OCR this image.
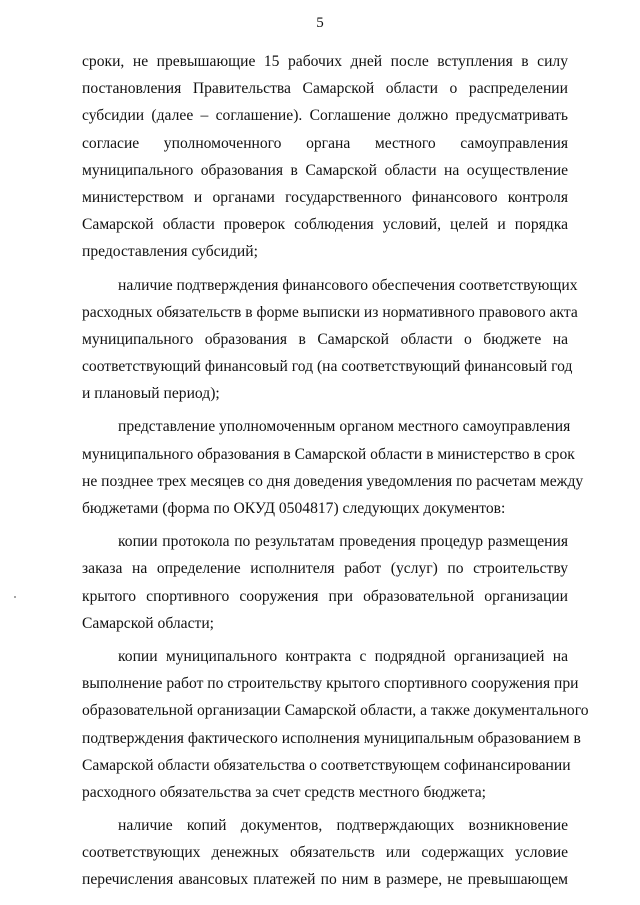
5
сроки, не превышающие 15 рабочих дней после вступления в силу
постановления Правительства Самарской области о распределении
субсидии (далее – соглашение). Соглашение должно предусматривать
согласие уполномоченного органа местного самоуправления
муниципального образования в Самарской области на осуществление
министерством и органами государственного финансового контроля
Самарской области проверок соблюдения условий, целей и порядка
предоставления субсидий;
наличие подтверждения финансового обеспечения соответствующих
расходных обязательств в форме выписки из нормативного правового акта
муниципального образования в Самарской области о бюджете на
соответствующий финансовый год (на соответствующий финансовый год
и плановый период);
представление уполномоченным органом местного самоуправления
муниципального образования в Самарской области в министерство в срок
не позднее трех месяцев со дня доведения уведомления по расчетам между
бюджетами (форма по ОКУД 0504817) следующих документов:
копии протокола по результатам проведения процедур размещения
заказа на определение исполнителя работ (услуг) по строительству
крытого спортивного сооружения при образовательной организации
Самарской области;
копии муниципального контракта с подрядной организацией на
выполнение работ по строительству крытого спортивного сооружения при
образовательной организации Самарской области, а также документального
подтверждения фактического исполнения муниципальным образованием в
Самарской области обязательства о соответствующем софинансировании
расходного обязательства за счет средств местного бюджета;
наличие копий документов, подтверждающих возникновение
соответствующих денежных обязательств или содержащих условие
перечисления авансовых платежей по ним в размере, не превышающем
